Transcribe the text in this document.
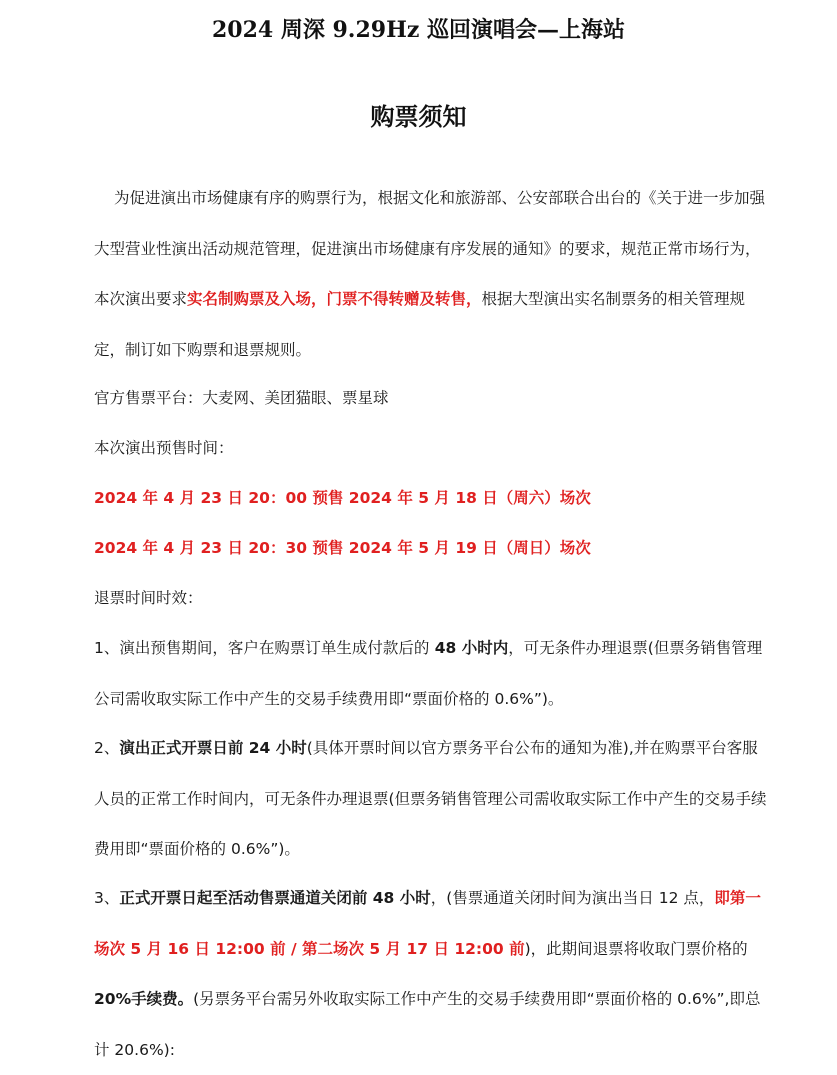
2024 周深 9.29Hz 巡回演唱会—上海站
购票须知

为促进演出市场健康有序的购票行为，根据文化和旅游部、公安部联合出台的《关于进一步加强大型营业性演出活动规范管理，促进演出市场健康有序发展的通知》的要求，规范正常市场行为，本次演出要求实名制购票及入场，门票不得转赠及转售，根据大型演出实名制票务的相关管理规定，制订如下购票和退票规则。

官方售票平台：大麦网、美团猫眼、票星球

本次演出预售时间：

2024 年 4 月 23 日 20：00 预售 2024 年 5 月 18 日（周六）场次

2024 年 4 月 23 日 20：30 预售 2024 年 5 月 19 日（周日）场次

退票时间时效：

1、演出预售期间，客户在购票订单生成付款后的 48 小时内，可无条件办理退票(但票务销售管理公司需收取实际工作中产生的交易手续费用即“票面价格的 0.6%”)。

2、演出正式开票日前 24 小时(具体开票时间以官方票务平台公布的通知为准),并在购票平台客服人员的正常工作时间内，可无条件办理退票(但票务销售管理公司需收取实际工作中产生的交易手续费用即“票面价格的 0.6%”)。

3、正式开票日起至活动售票通道关闭前 48 小时，(售票通道关闭时间为演出当日 12 点，即第一场次 5 月 16 日 12:00 前 / 第二场次 5 月 17 日 12:00 前)，此期间退票将收取门票价格的 20%手续费。(另票务平台需另外收取实际工作中产生的交易手续费用即“票面价格的 0.6%”,即总计 20.6%):
